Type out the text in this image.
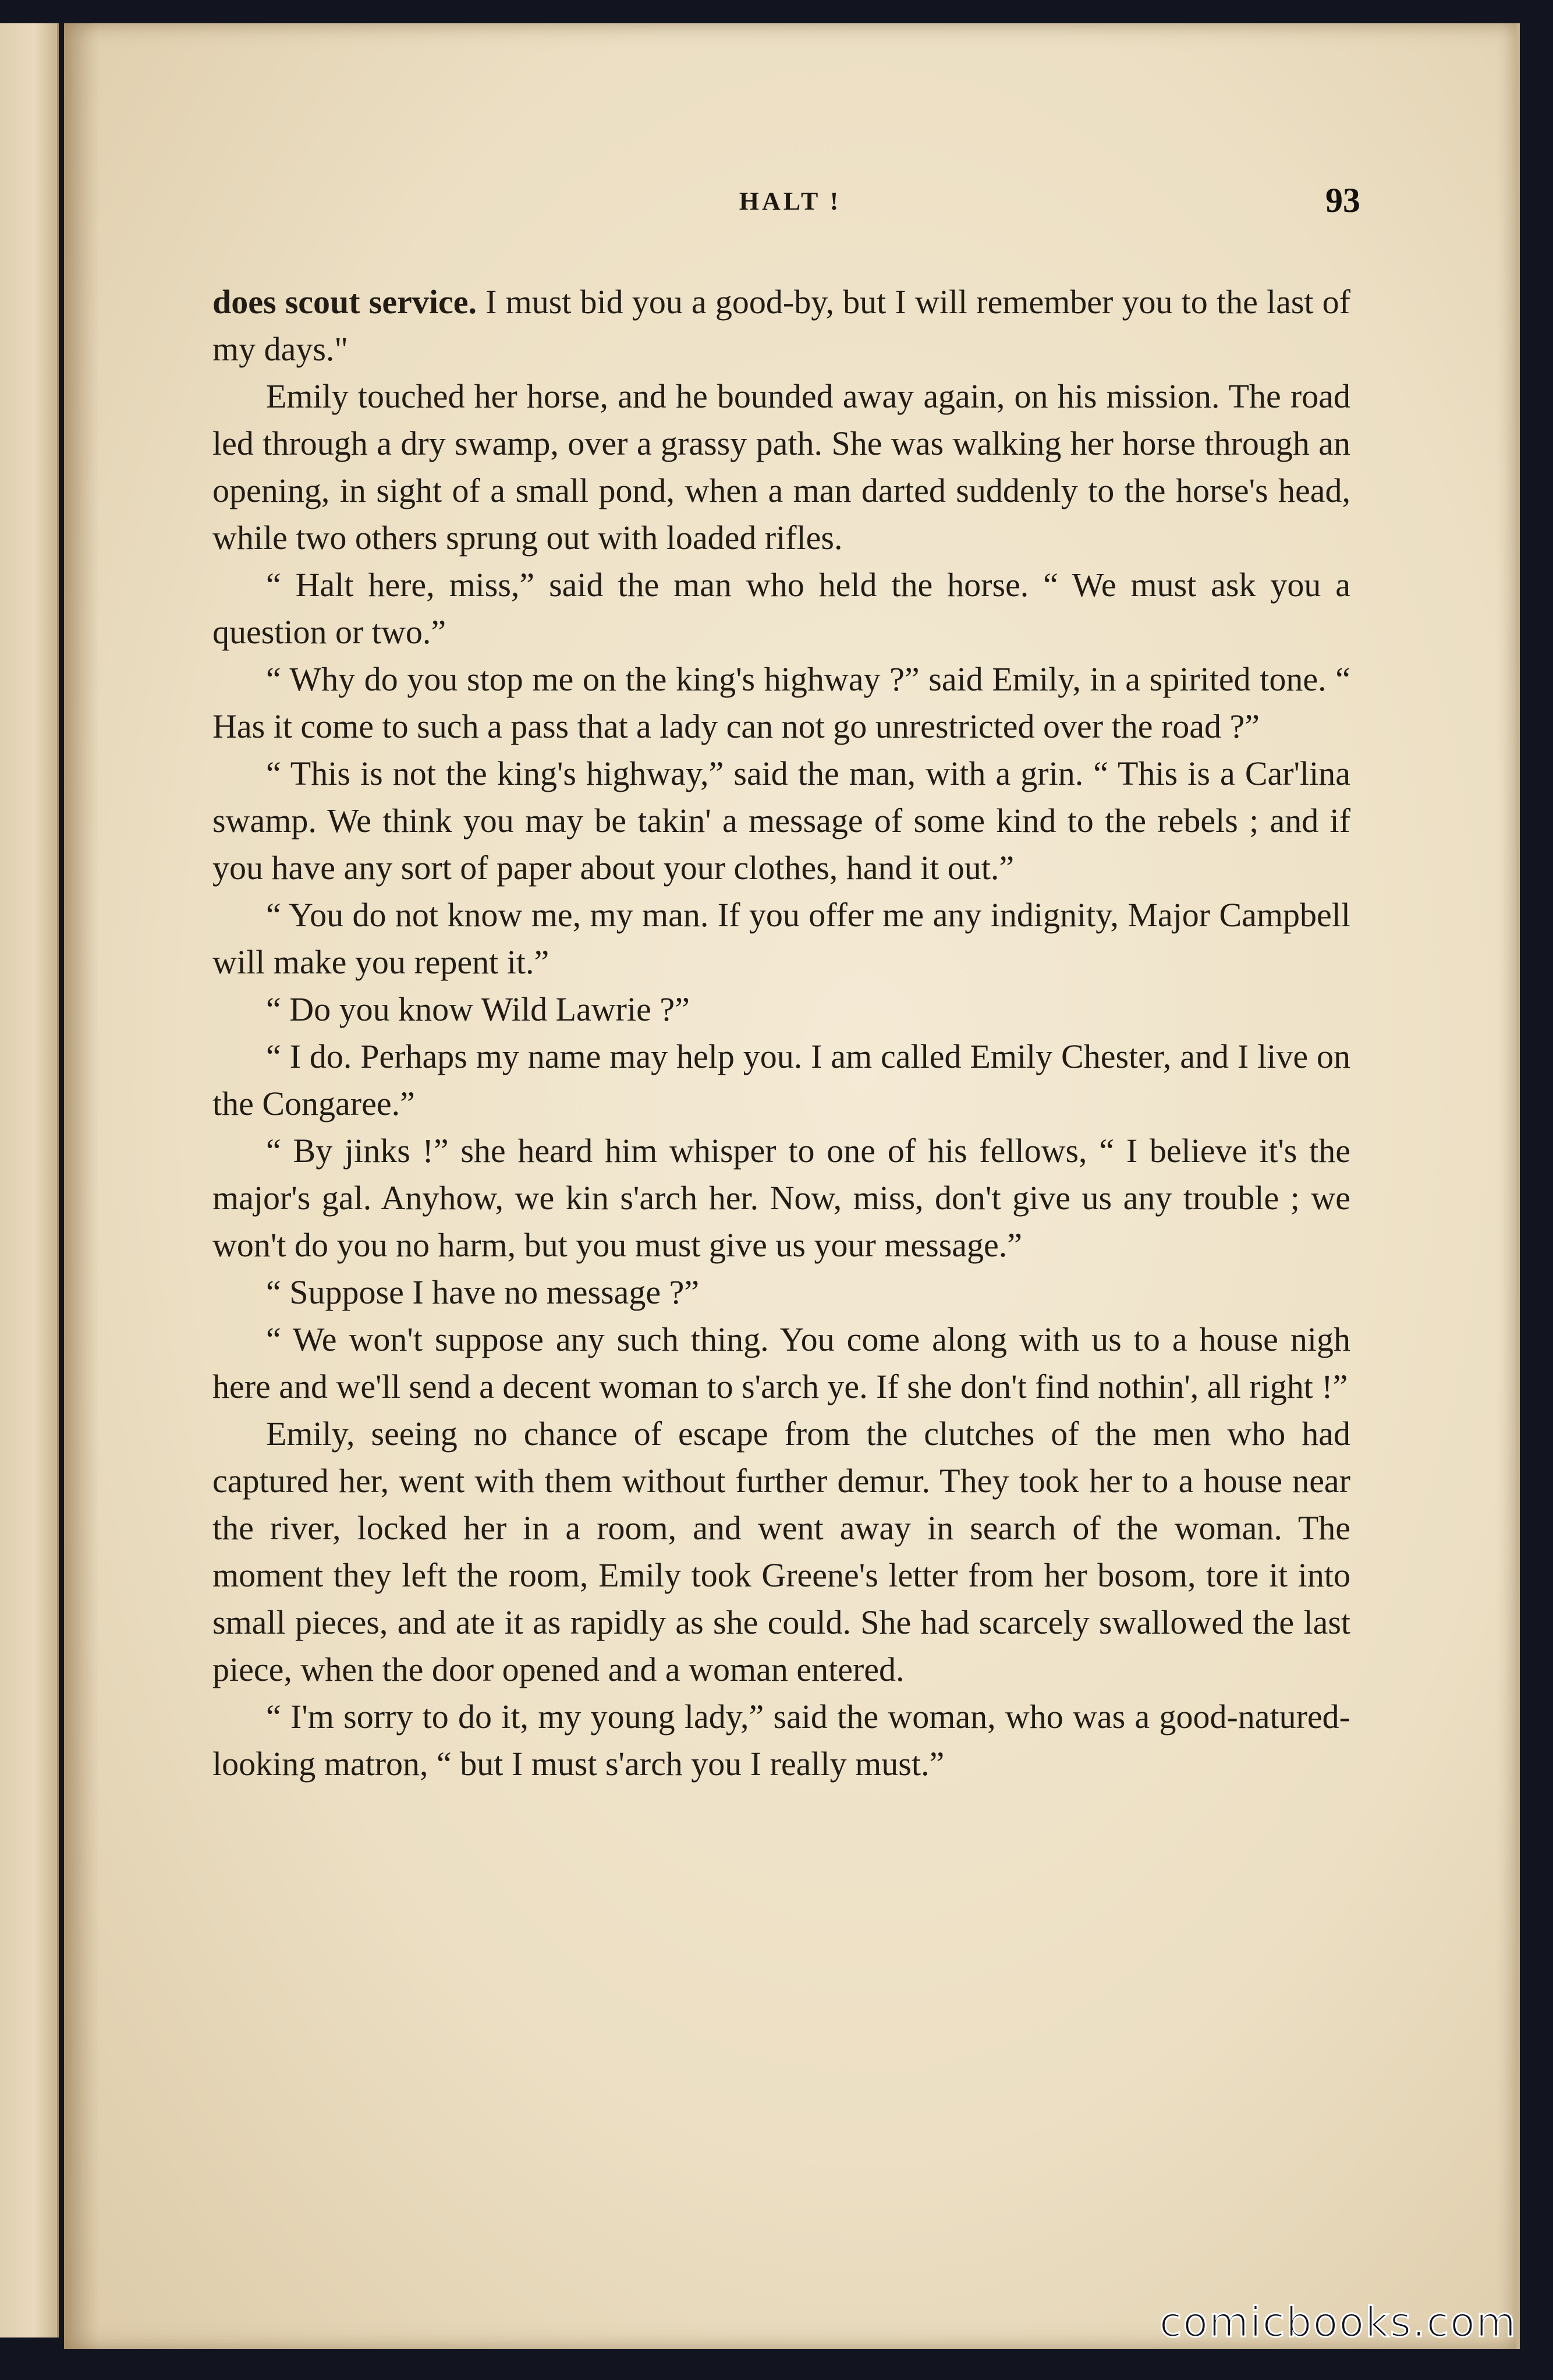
HALT !	93

does scout service. I must bid you a good-by, but I will remember you to the last of my days."

Emily touched her horse, and he bounded away again, on his mission. The road led through a dry swamp, over a grassy path. She was walking her horse through an opening, in sight of a small pond, when a man darted suddenly to the horse's head, while two others sprung out with loaded rifles.

“ Halt here, miss,” said the man who held the horse. “ We must ask you a question or two.”

“ Why do you stop me on the king's highway ?” said Emily, in a spirited tone. “ Has it come to such a pass that a lady can not go unrestricted over the road ?”

“ This is not the king's highway,” said the man, with a grin. “ This is a Car'lina swamp. We think you may be takin' a message of some kind to the rebels ; and if you have any sort of paper about your clothes, hand it out.”

“ You do not know me, my man. If you offer me any indignity, Major Campbell will make you repent it.”

“ Do you know Wild Lawrie ?”

“ I do. Perhaps my name may help you. I am called Emily Chester, and I live on the Congaree.”

“ By jinks !” she heard him whisper to one of his fellows, “ I believe it's the major's gal. Anyhow, we kin s'arch her. Now, miss, don't give us any trouble ; we won't do you no harm, but you must give us your message.”

“ Suppose I have no message ?”

“ We won't suppose any such thing. You come along with us to a house nigh here and we'll send a decent woman to s'arch ye. If she don't find nothin', all right !”

Emily, seeing no chance of escape from the clutches of the men who had captured her, went with them without further demur. They took her to a house near the river, locked her in a room, and went away in search of the woman. The moment they left the room, Emily took Greene's letter from her bosom, tore it into small pieces, and ate it as rapidly as she could. She had scarcely swallowed the last piece, when the door opened and a woman entered.

“ I'm sorry to do it, my young lady,” said the woman, who was a good-natured-looking matron, “ but I must s'arch you I really must.”

comicbooks.com
